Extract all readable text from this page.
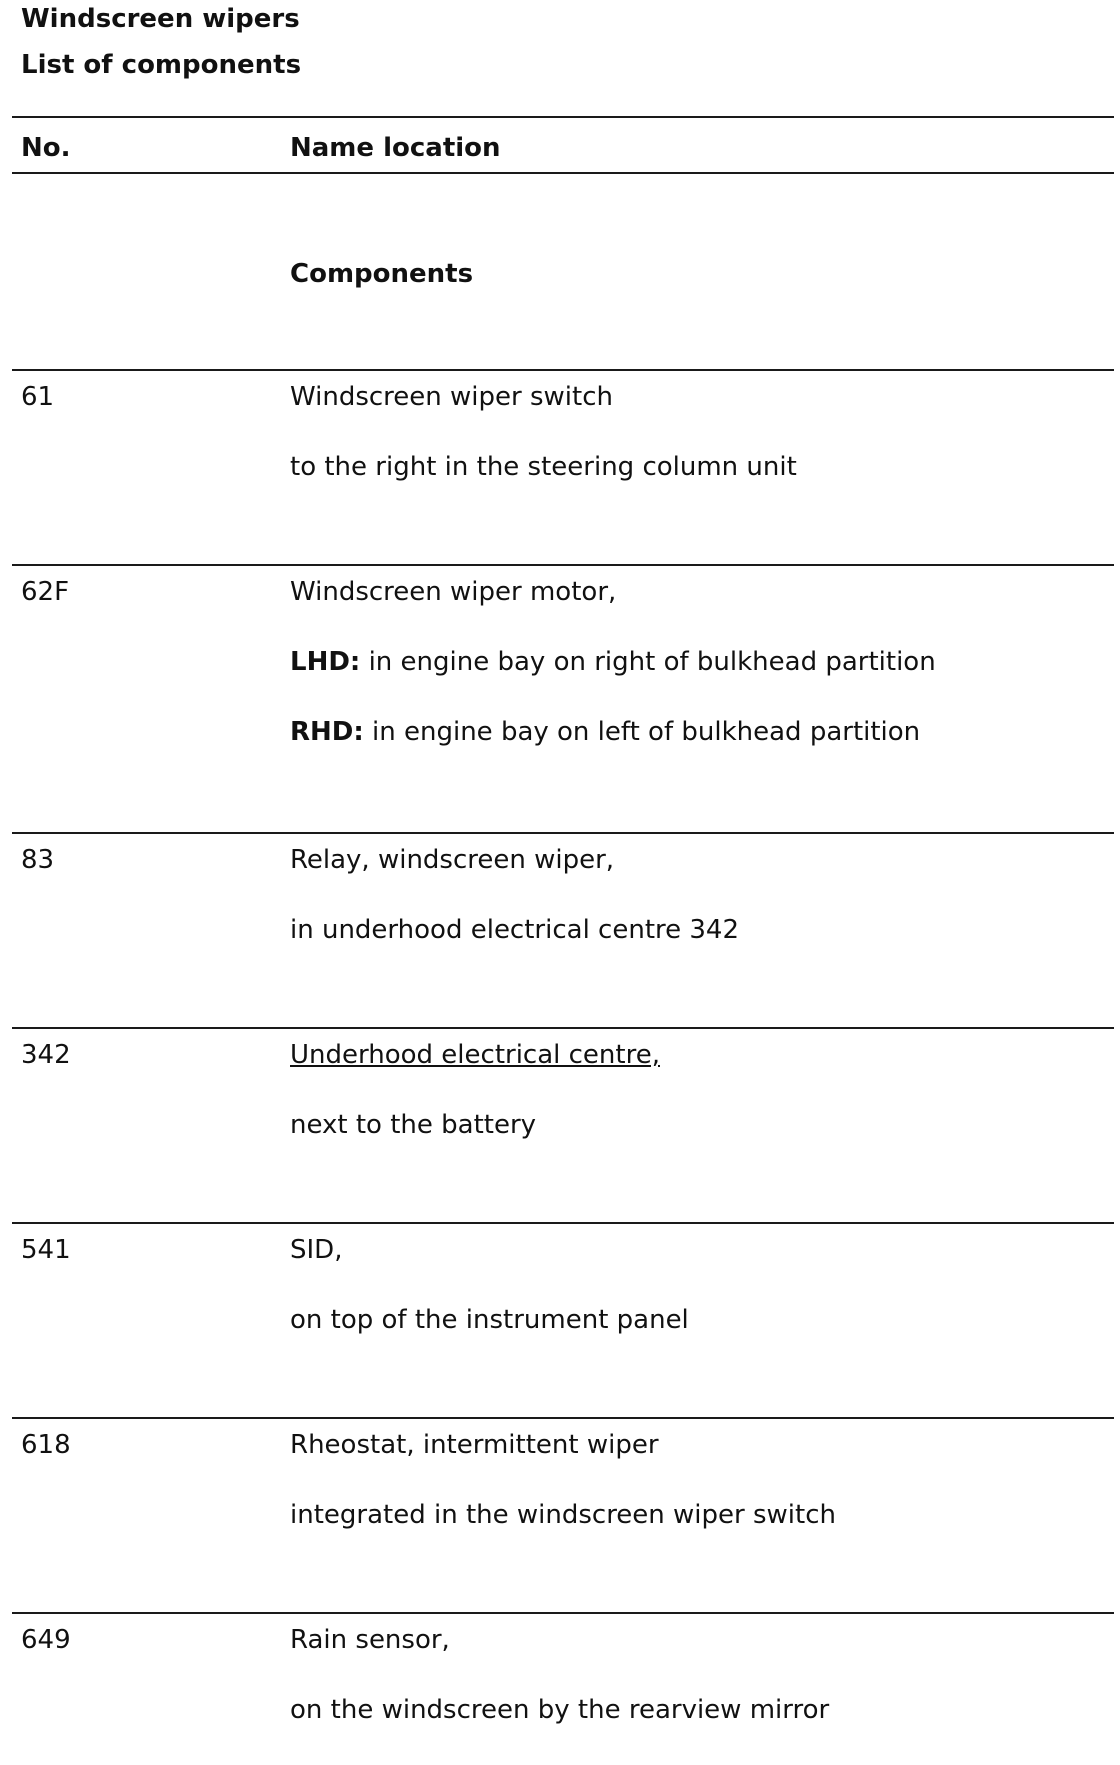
Windscreen wipers
List of components
No.	Name location
Components
61	Windscreen wiper switch
to the right in the steering column unit
62F	Windscreen wiper motor,
LHD: in engine bay on right of bulkhead partition
RHD: in engine bay on left of bulkhead partition
83	Relay, windscreen wiper,
in underhood electrical centre 342
342	Underhood electrical centre,
next to the battery
541	SID,
on top of the instrument panel
618	Rheostat, intermittent wiper
integrated in the windscreen wiper switch
649	Rain sensor,
on the windscreen by the rearview mirror
